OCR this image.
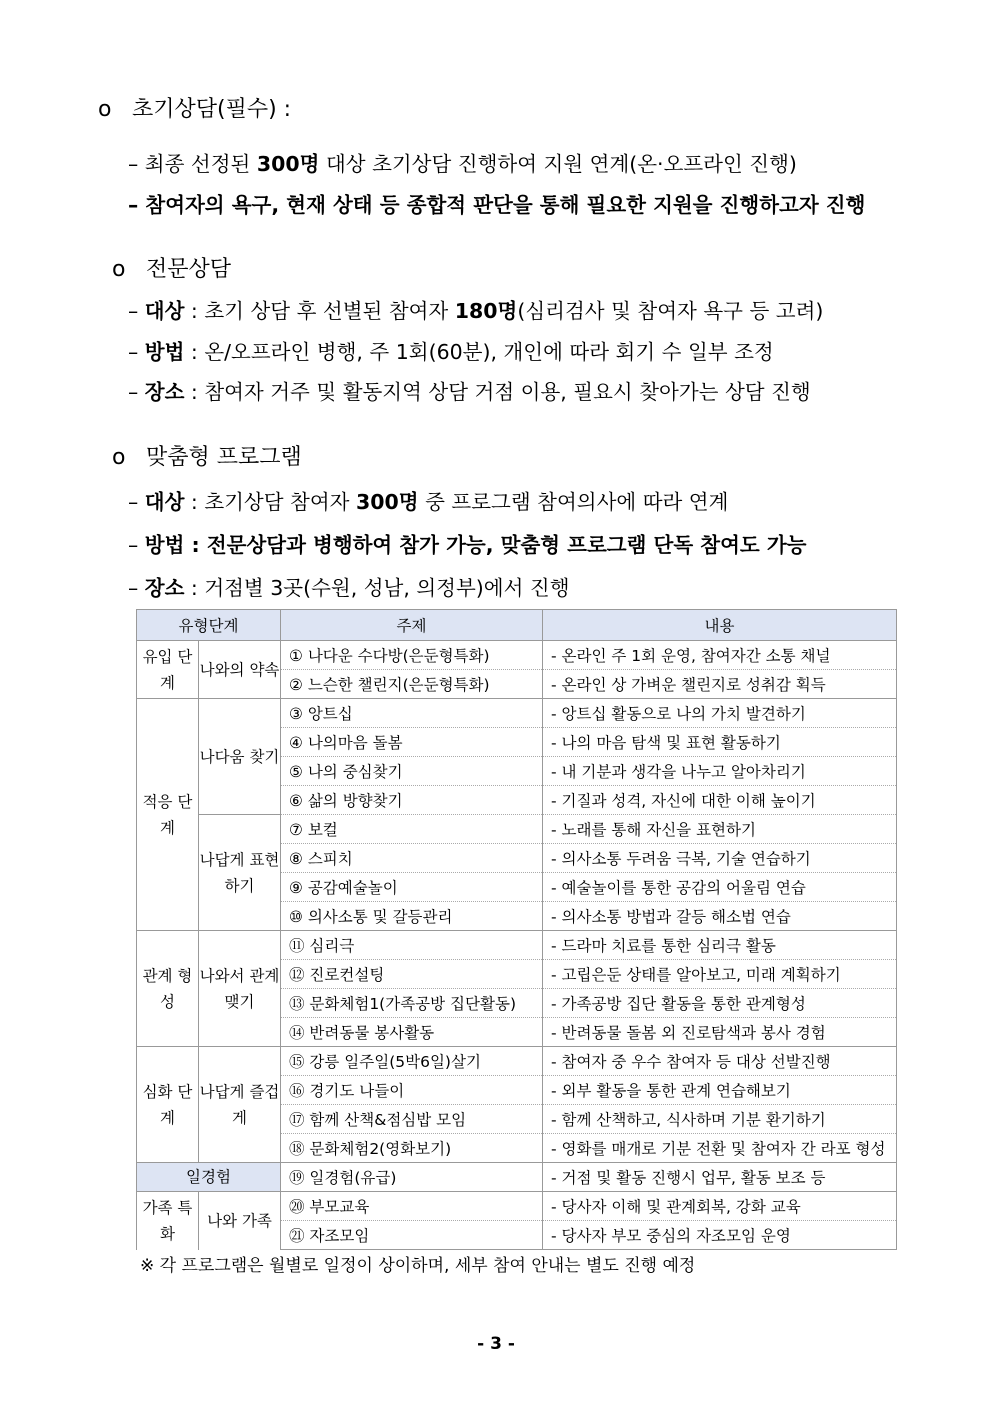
o 초기상담(필수) :
– 최종 선정된 300명 대상 초기상담 진행하여 지원 연계(온·오프라인 진행)
– 참여자의 욕구, 현재 상태 등 종합적 판단을 통해 필요한 지원을 진행하고자 진행
o 전문상담
– 대상 : 초기 상담 후 선별된 참여자 180명(심리검사 및 참여자 욕구 등 고려)
– 방법 : 온/오프라인 병행, 주 1회(60분), 개인에 따라 회기 수 일부 조정
– 장소 : 참여자 거주 및 활동지역 상담 거점 이용, 필요시 찾아가는 상담 진행
o 맞춤형 프로그램
– 대상 : 초기상담 참여자 300명 중 프로그램 참여의사에 따라 연계
– 방법 : 전문상담과 병행하여 참가 가능, 맞춤형 프로그램 단독 참여도 가능
– 장소 : 거점별 3곳(수원, 성남, 의정부)에서 진행
유형단계		주제	내용
유입 단계	나와의 약속	① 나다운 수다방(은둔형특화)	- 온라인 주 1회 운영, 참여자간 소통 채널
		② 느슨한 챌린지(은둔형특화)	- 온라인 상 가벼운 챌린지로 성취감 획득
적응 단계	나다움 찾기	③ 앙트십	- 앙트십 활동으로 나의 가치 발견하기
		④ 나의마음 돌봄	- 나의 마음 탐색 및 표현 활동하기
		⑤ 나의 중심찾기	- 내 기분과 생각을 나누고 알아차리기
		⑥ 삶의 방향찾기	- 기질과 성격, 자신에 대한 이해 높이기
	나답게 표현하기	⑦ 보컬	- 노래를 통해 자신을 표현하기
		⑧ 스피치	- 의사소통 두려움 극복, 기술 연습하기
		⑨ 공감예술놀이	- 예술놀이를 통한 공감의 어울림 연습
		⑩ 의사소통 및 갈등관리	- 의사소통 방법과 갈등 해소법 연습
관계 형성	나와서 관계맺기	⑪ 심리극	- 드라마 치료를 통한 심리극 활동
		⑫ 진로컨설팅	- 고립은둔 상태를 알아보고, 미래 계획하기
		⑬ 문화체험1(가족공방 집단활동)	- 가족공방 집단 활동을 통한 관계형성
		⑭ 반려동물 봉사활동	- 반려동물 돌봄 외 진로탐색과 봉사 경험
심화 단계	나답게 즐겁게	⑮ 강릉 일주일(5박6일)살기	- 참여자 중 우수 참여자 등 대상 선발진행
		⑯ 경기도 나들이	- 외부 활동을 통한 관계 연습해보기
		⑰ 함께 산책&점심밥 모임	- 함께 산책하고, 식사하며 기분 환기하기
		⑱ 문화체험2(영화보기)	- 영화를 매개로 기분 전환 및 참여자 간 라포 형성
일경험		⑲ 일경험(유급)	- 거점 및 활동 진행시 업무, 활동 보조 등
가족 특화	나와 가족	⑳ 부모교육	- 당사자 이해 및 관계회복, 강화 교육
		㉑ 자조모임	- 당사자 부모 중심의 자조모임 운영
※ 각 프로그램은 월별로 일정이 상이하며, 세부 참여 안내는 별도 진행 예정
- 3 -
